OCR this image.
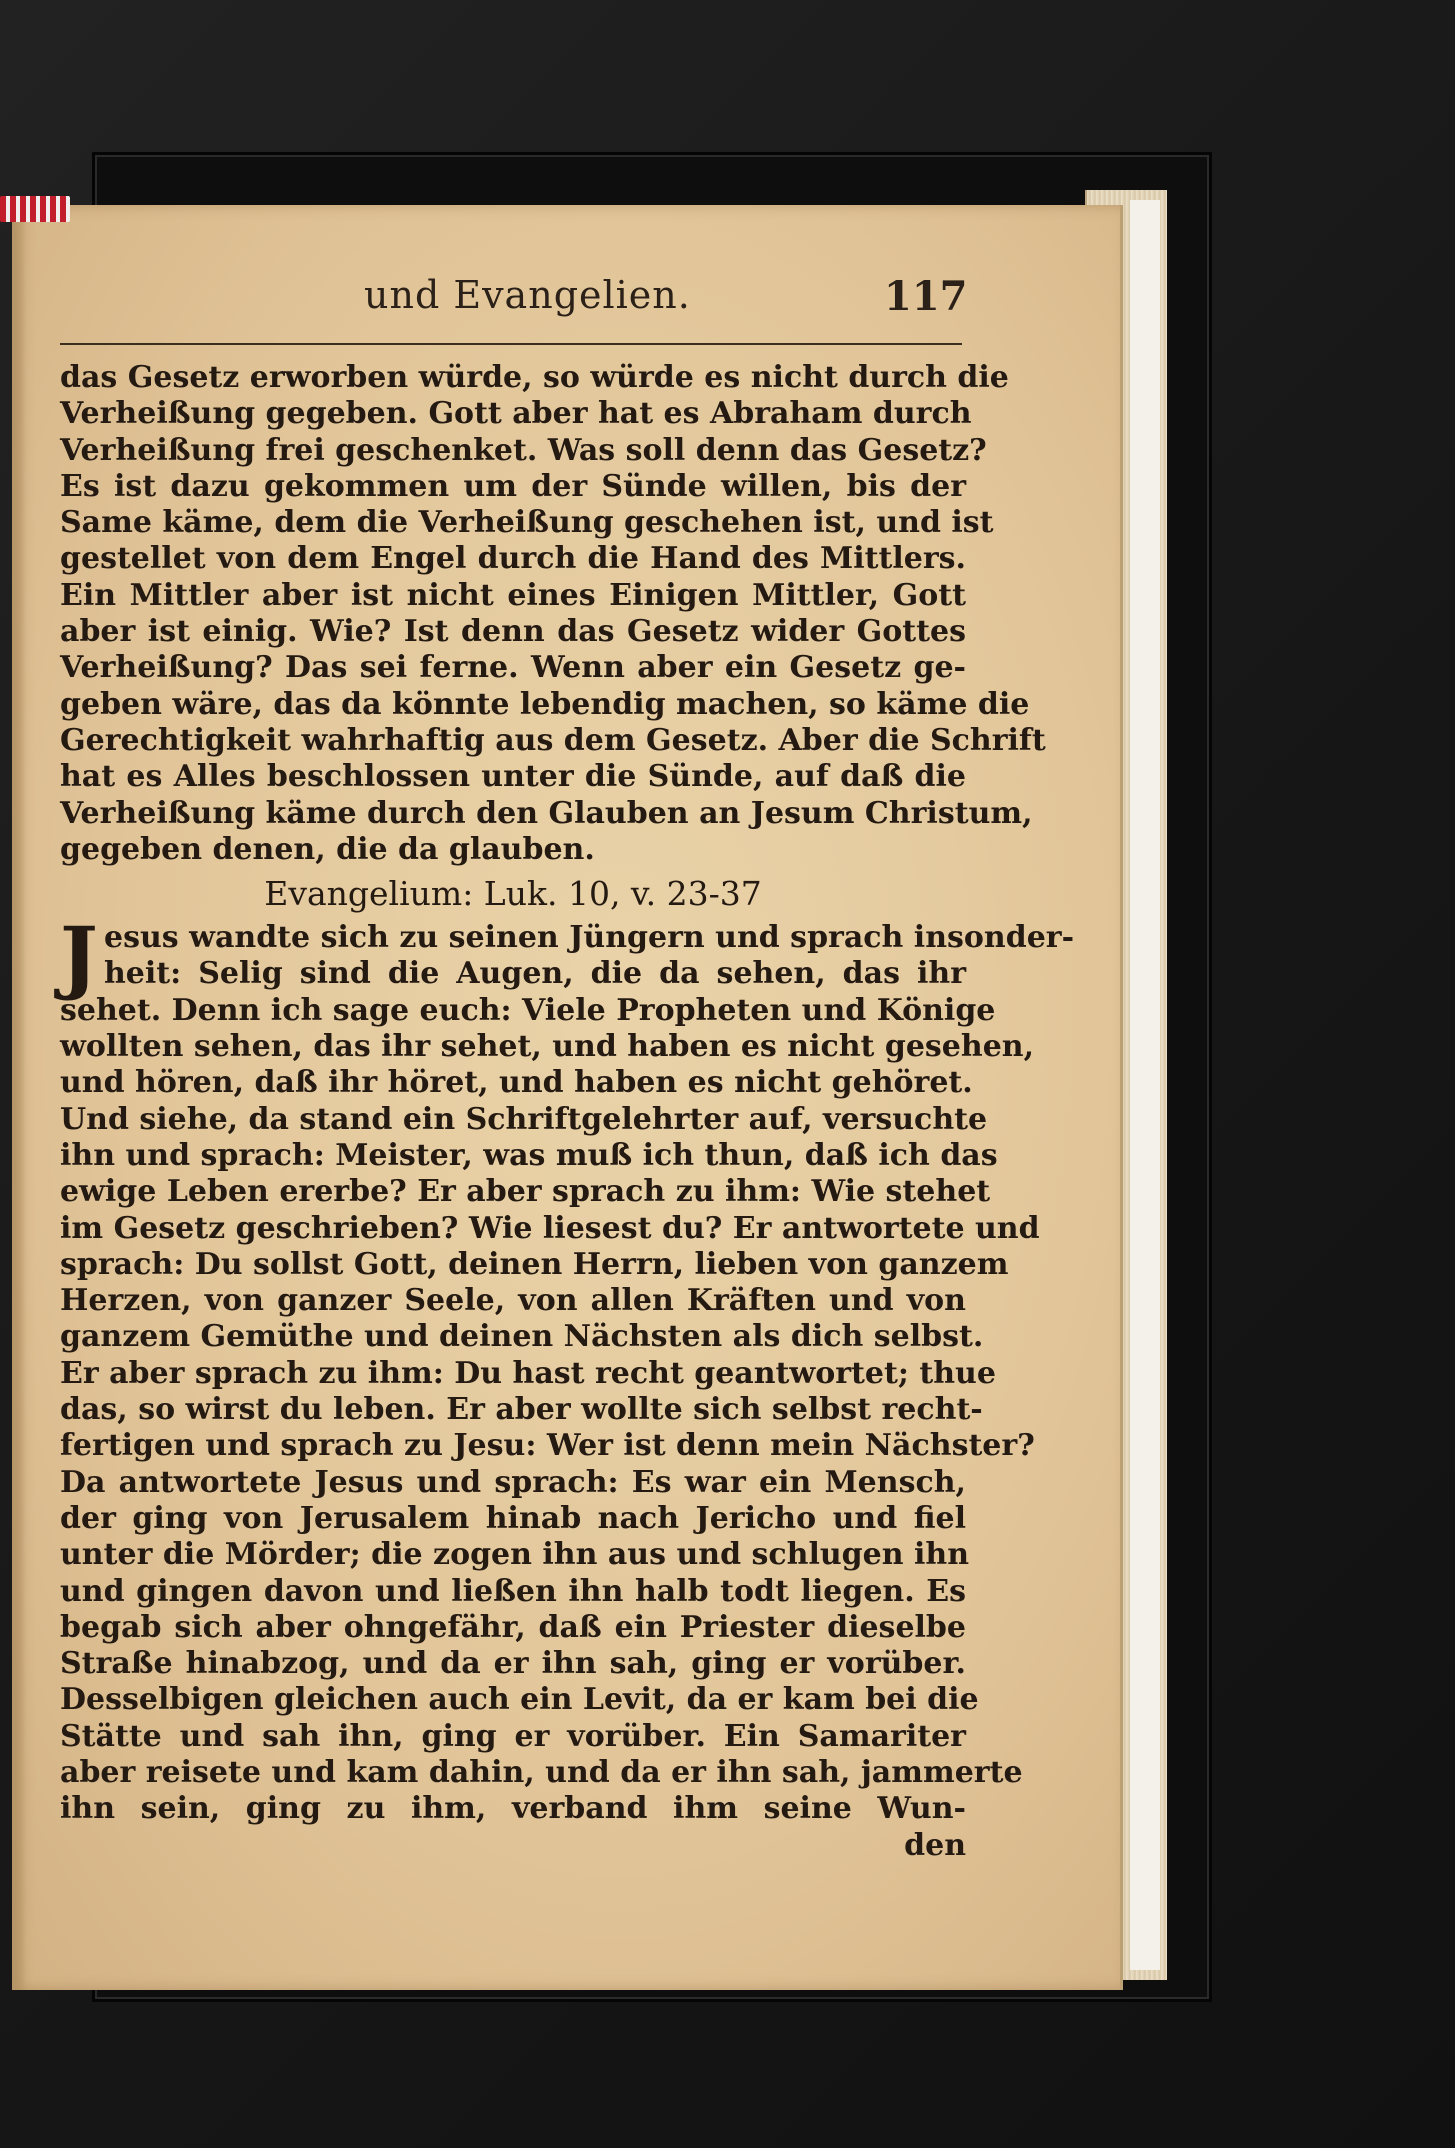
und Evangelien.	117
das Gesetz erworben würde, so würde es nicht durch die
Verheißung gegeben. Gott aber hat es Abraham durch
Verheißung frei geschenket. Was soll denn das Gesetz?
Es ist dazu gekommen um der Sünde willen, bis der
Same käme, dem die Verheißung geschehen ist, und ist
gestellet von dem Engel durch die Hand des Mittlers.
Ein Mittler aber ist nicht eines Einigen Mittler, Gott
aber ist einig. Wie? Ist denn das Gesetz wider Gottes
Verheißung? Das sei ferne. Wenn aber ein Gesetz ge-
geben wäre, das da könnte lebendig machen, so käme die
Gerechtigkeit wahrhaftig aus dem Gesetz. Aber die Schrift
hat es Alles beschlossen unter die Sünde, auf daß die
Verheißung käme durch den Glauben an Jesum Christum,
gegeben denen, die da glauben.
Evangelium: Luk. 10, v. 23-37
J esus wandte sich zu seinen Jüngern und sprach insonder-
heit: Selig sind die Augen, die da sehen, das ihr
sehet. Denn ich sage euch: Viele Propheten und Könige
wollten sehen, das ihr sehet, und haben es nicht gesehen,
und hören, daß ihr höret, und haben es nicht gehöret.
Und siehe, da stand ein Schriftgelehrter auf, versuchte
ihn und sprach: Meister, was muß ich thun, daß ich das
ewige Leben ererbe? Er aber sprach zu ihm: Wie stehet
im Gesetz geschrieben? Wie liesest du? Er antwortete und
sprach: Du sollst Gott, deinen Herrn, lieben von ganzem
Herzen, von ganzer Seele, von allen Kräften und von
ganzem Gemüthe und deinen Nächsten als dich selbst.
Er aber sprach zu ihm: Du hast recht geantwortet; thue
das, so wirst du leben. Er aber wollte sich selbst recht-
fertigen und sprach zu Jesu: Wer ist denn mein Nächster?
Da antwortete Jesus und sprach: Es war ein Mensch,
der ging von Jerusalem hinab nach Jericho und fiel
unter die Mörder; die zogen ihn aus und schlugen ihn
und gingen davon und ließen ihn halb todt liegen. Es
begab sich aber ohngefähr, daß ein Priester dieselbe
Straße hinabzog, und da er ihn sah, ging er vorüber.
Desselbigen gleichen auch ein Levit, da er kam bei die
Stätte und sah ihn, ging er vorüber. Ein Samariter
aber reisete und kam dahin, und da er ihn sah, jammerte
ihn sein, ging zu ihm, verband ihm seine Wun-
den
